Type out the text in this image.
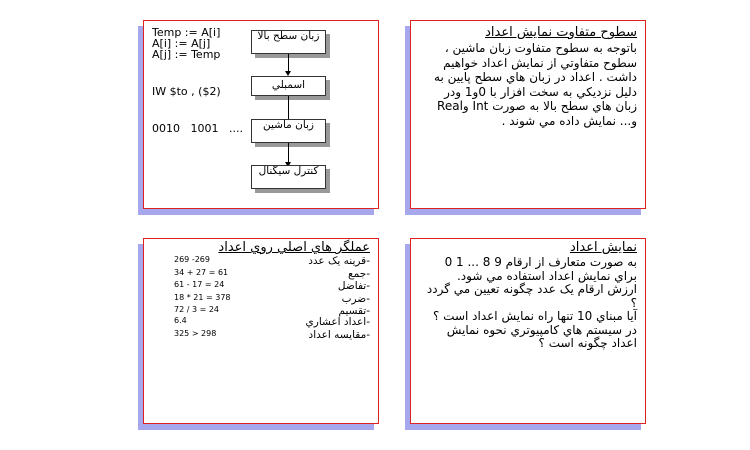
Temp := A[i]
A[i] := A[j]
A[j] := Temp
IW $to , ($2)
0010   1001   ....
زبان سطح بالا
اسمبلي
زبان ماشين
کنترل سيگنال
سطوح متفاوت نمايش اعداد
باتوجه به سطوح متفاوت زبان ماشين ، سطوح متفاوتي از نمايش اعداد خواهيم داشت . اعداد در زبان هاي سطح پايين به دليل نزديکي به سخت افزار با 0و1 ودر زبان هاي سطح بالا به صورت Int وReal و... نمايش داده مي شوند .
عملگر هاي اصلي روي اعداد
269 -269	-قرينه يک عدد
34 + 27 = 61	-جمع
61 - 17 = 24	-تفاضل
18 * 21 = 378	-ضرب
72 / 3 = 24	-تقسيم
6.4	-اعداد اعشاري
325 > 298	-مقايسه اعداد
نمايش اعداد
به صورت متعارف از ارقام 9 8 ... 1 0 براي نمايش اعداد استفاده مي شود.
ارزش ارقام يک عدد چگونه تعيين مي گردد ؟
آيا مبناي 10 تنها راه نمايش اعداد است ؟
در سيستم هاي کامپيوتري نحوه نمايش اعداد چگونه است ؟
